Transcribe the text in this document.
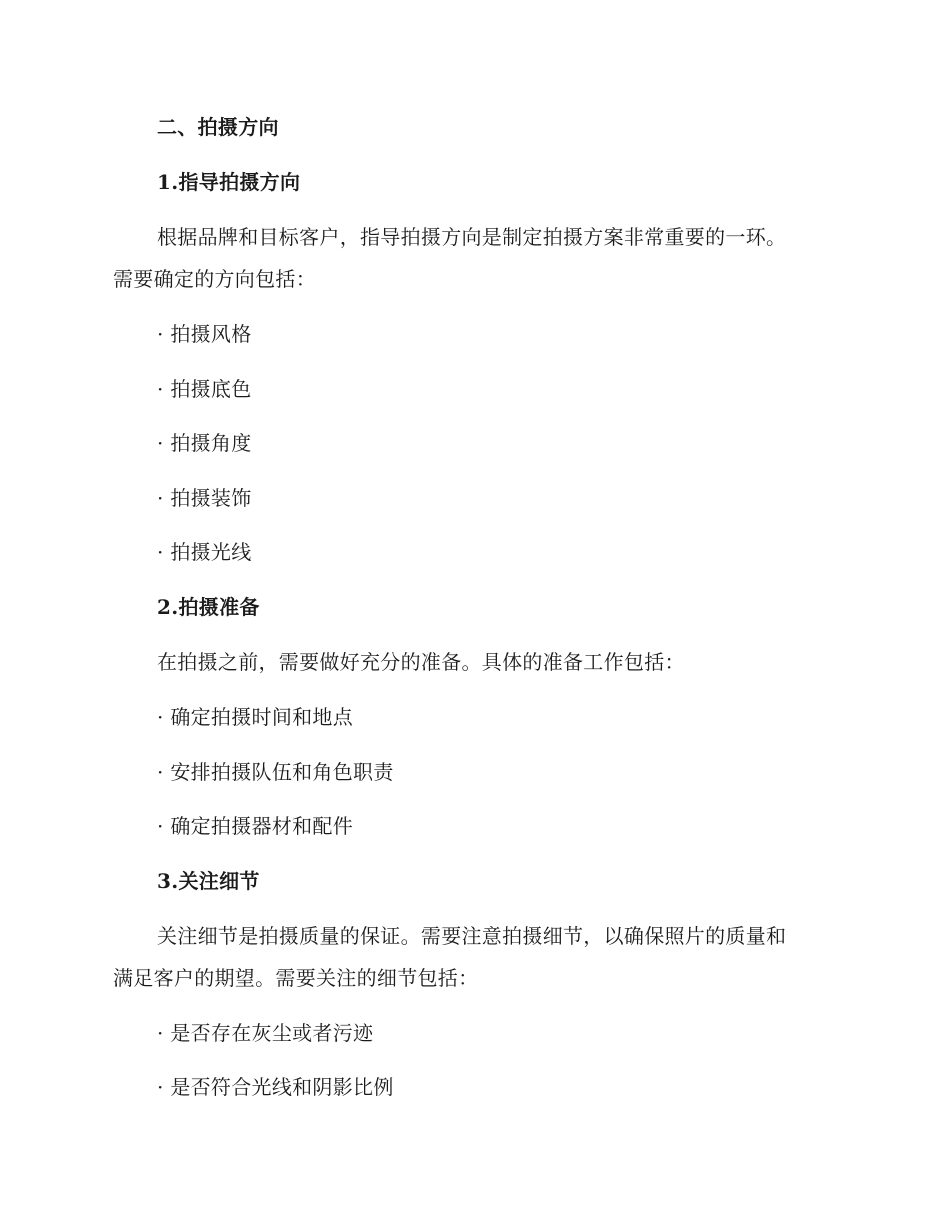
二、拍摄方向
1.指导拍摄方向
根据品牌和目标客户，指导拍摄方向是制定拍摄方案非常重要的一环。
需要确定的方向包括：
· 拍摄风格
· 拍摄底色
· 拍摄角度
· 拍摄装饰
· 拍摄光线
2.拍摄准备
在拍摄之前，需要做好充分的准备。具体的准备工作包括：
· 确定拍摄时间和地点
· 安排拍摄队伍和角色职责
· 确定拍摄器材和配件
3.关注细节
关注细节是拍摄质量的保证。需要注意拍摄细节，以确保照片的质量和
满足客户的期望。需要关注的细节包括：
· 是否存在灰尘或者污迹
· 是否符合光线和阴影比例
